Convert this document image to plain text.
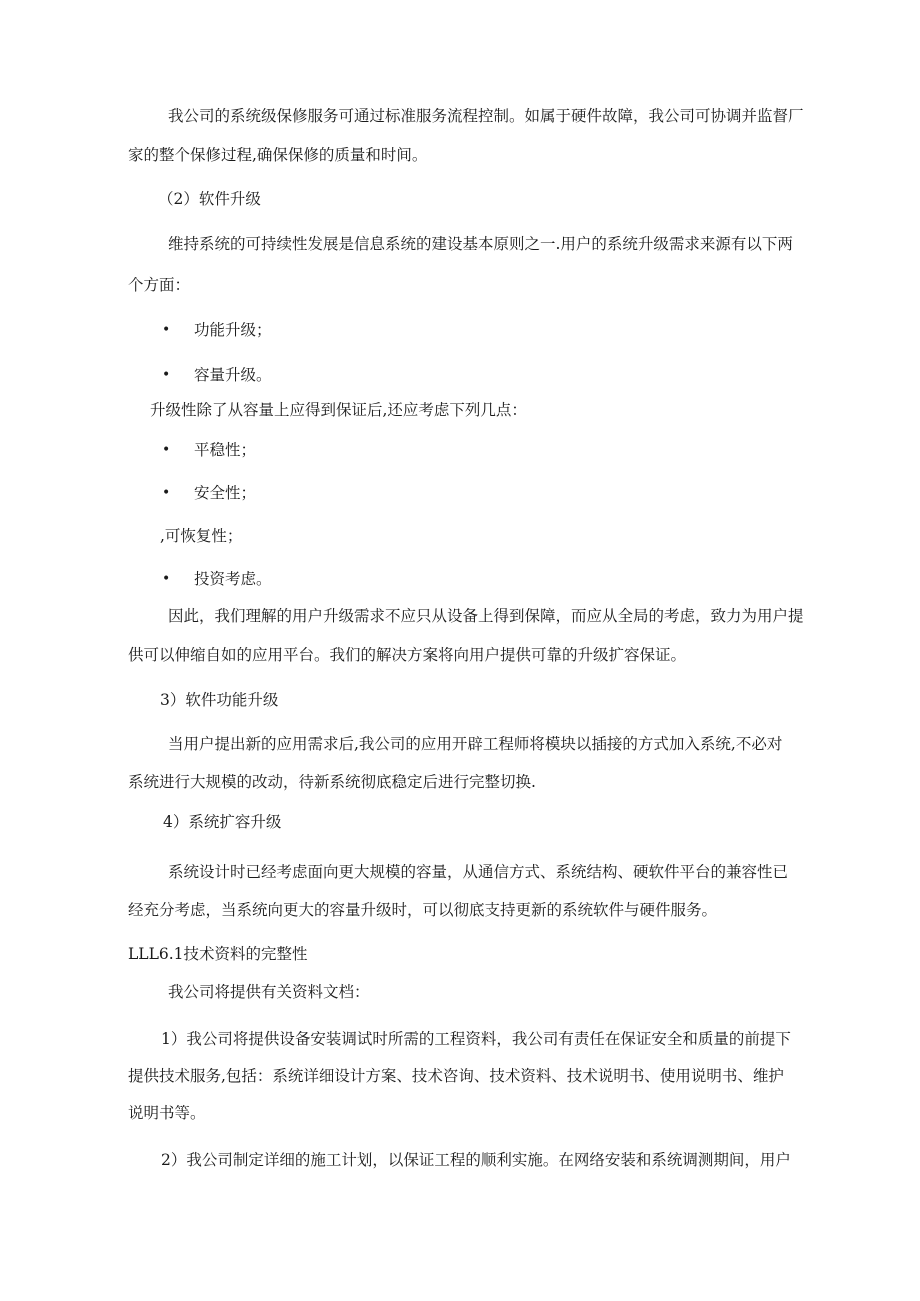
我公司的系统级保修服务可通过标准服务流程控制。如属于硬件故障，我公司可协调并监督厂

家的整个保修过程,确保保修的质量和时间。

（2）软件升级

维持系统的可持续性发展是信息系统的建设基本原则之一.用户的系统升级需求来源有以下两

个方面：

• 功能升级；

• 容量升级。

升级性除了从容量上应得到保证后,还应考虑下列几点：

• 平稳性；

• 安全性；

,可恢复性；

• 投资考虑。

因此，我们理解的用户升级需求不应只从设备上得到保障，而应从全局的考虑，致力为用户提

供可以伸缩自如的应用平台。我们的解决方案将向用户提供可靠的升级扩容保证。

3）软件功能升级

当用户提出新的应用需求后,我公司的应用开辟工程师将模块以插接的方式加入系统,不必对

系统进行大规模的改动，待新系统彻底稳定后进行完整切换.

4）系统扩容升级

系统设计时已经考虑面向更大规模的容量，从通信方式、系统结构、硬软件平台的兼容性已

经充分考虑，当系统向更大的容量升级时，可以彻底支持更新的系统软件与硬件服务。

LLL6.1技术资料的完整性

我公司将提供有关资料文档：

1）我公司将提供设备安装调试时所需的工程资料，我公司有责任在保证安全和质量的前提下

提供技术服务,包括：系统详细设计方案、技术咨询、技术资料、技术说明书、使用说明书、维护

说明书等。

2）我公司制定详细的施工计划，以保证工程的顺利实施。在网络安装和系统调测期间，用户
